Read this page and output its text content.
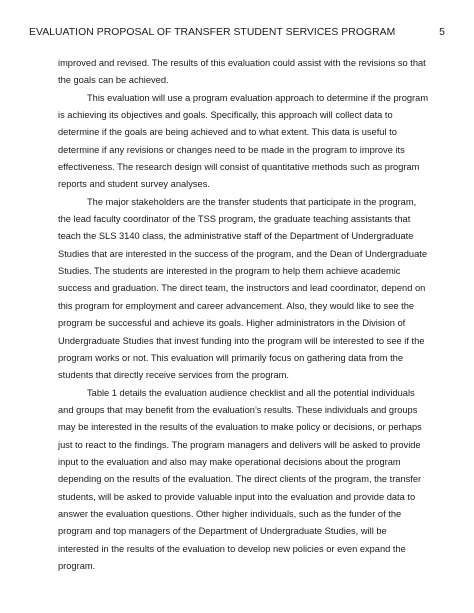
EVALUATION PROPOSAL OF TRANSFER STUDENT SERVICES PROGRAM	5

improved and revised. The results of this evaluation could assist with the revisions so that the goals can be achieved.

This evaluation will use a program evaluation approach to determine if the program is achieving its objectives and goals. Specifically, this approach will collect data to determine if the goals are being achieved and to what extent. This data is useful to determine if any revisions or changes need to be made in the program to improve its effectiveness. The research design will consist of quantitative methods such as program reports and student survey analyses.

The major stakeholders are the transfer students that participate in the program, the lead faculty coordinator of the TSS program, the graduate teaching assistants that teach the SLS 3140 class, the administrative staff of the Department of Undergraduate Studies that are interested in the success of the program, and the Dean of Undergraduate Studies. The students are interested in the program to help them achieve academic success and graduation. The direct team, the instructors and lead coordinator, depend on this program for employment and career advancement. Also, they would like to see the program be successful and achieve its goals. Higher administrators in the Division of Undergraduate Studies that invest funding into the program will be interested to see if the program works or not. This evaluation will primarily focus on gathering data from the students that directly receive services from the program.

Table 1 details the evaluation audience checklist and all the potential individuals and groups that may benefit from the evaluation’s results. These individuals and groups may be interested in the results of the evaluation to make policy or decisions, or perhaps just to react to the findings. The program managers and delivers will be asked to provide input to the evaluation and also may make operational decisions about the program depending on the results of the evaluation. The direct clients of the program, the transfer students, will be asked to provide valuable input into the evaluation and provide data to answer the evaluation questions. Other higher individuals, such as the funder of the program and top managers of the Department of Undergraduate Studies, will be interested in the results of the evaluation to develop new policies or even expand the program.
